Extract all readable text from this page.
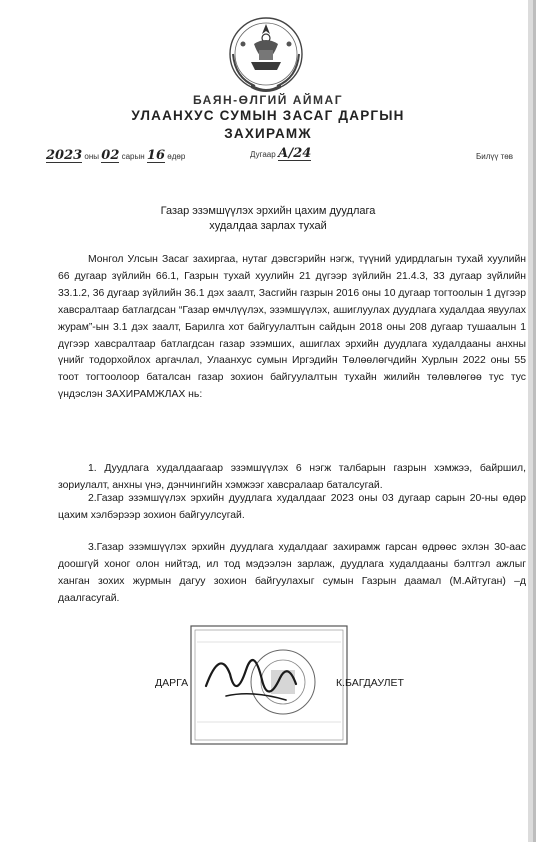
БАЯН-ӨЛГИЙ АЙМАГ
УЛААНХУС СУМЫН ЗАСАГ ДАРГЫН
ЗАХИРАМЖ
2023 оны 02 сарын 16 өдөр	Дугаар А/24	Билүү төв
Газар эзэмшүүлэх эрхийн цахим дуудлага
худалдаа зарлах тухай
Монгол Улсын Засаг захиргаа, нутаг дэвсгэрийн нэгж, түүний удирдлагын тухай хуулийн 66 дугаар зүйлийн 66.1, Газрын тухай хуулийн 21 дүгээр зүйлийн 21.4.3, 33 дугаар зүйлийн 33.1.2, 36 дугаар зүйлийн 36.1 дэх заалт, Засгийн газрын 2016 оны 10 дугаар тогтоолын 1 дүгээр хавсралтаар батлагдсан “Газар өмчлүүлэх, эзэмшүүлэх, ашиглуулах дуудлага худалдаа явуулах журам”-ын 3.1 дэх заалт, Барилга хот байгуулалтын сайдын 2018 оны 208 дугаар тушаалын 1 дүгээр хавсралтаар батлагдсан газар эзэмших, ашиглах эрхийн дуудлага худалдааны анхны үнийг тодорхойлох аргачлал, Улаанхус сумын Иргэдийн Төлөөлөгчдийн Хурлын 2022 оны 55 тоот тогтоолоор баталсан газар зохион байгуулалтын тухайн жилийн төлөвлөгөө тус тус үндэслэн ЗАХИРАМЖЛАХ нь:
1. Дуудлага худалдаагаар эзэмшүүлэх 6 нэгж талбарын газрын хэмжээ, байршил, зориулалт, анхны үнэ, дэнчингийн хэмжээг хавсралаар баталсугай.
2.Газар эзэмшүүлэх эрхийн дуудлага худалдааг 2023 оны 03 дугаар сарын 20-ны өдөр цахим хэлбэрээр зохион байгуулсугай.
3.Газар эзэмшүүлэх эрхийн дуудлага худалдааг захирамж гарсан өдрөөс эхлэн 30-аас доошгүй хоног олон нийтэд, ил тод мэдээлэн зарлаж, дуудлага худалдааны бэлтгэл ажлыг ханган зохих журмын дагуу зохион байгуулахыг сумын Газрын даамал (М.Айтуган) –д даалгасугай.
ДАРГА	К.БАГДАУЛЕТ
